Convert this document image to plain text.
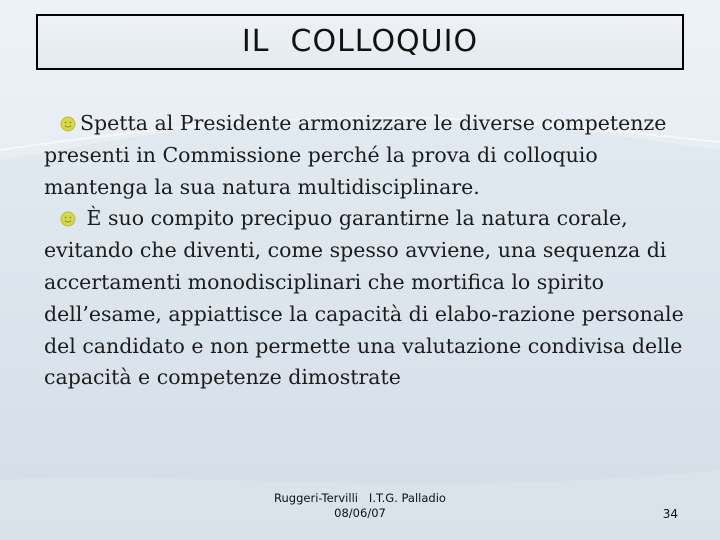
IL  COLLOQUIO

Spetta al Presidente armonizzare le diverse competenze presenti in Commissione perché la prova di colloquio mantenga la sua natura multidisciplinare.

È suo compito precipuo garantirne la natura corale, evitando che diventi, come spesso avviene, una sequenza di accertamenti monodisciplinari che mortifica lo spirito dell’esame, appiattisce la capacità di elabo-razione personale del candidato e non permette una valutazione condivisa delle capacità e competenze dimostrate

Ruggeri-Tervilli   I.T.G. Palladio
08/06/07	34
